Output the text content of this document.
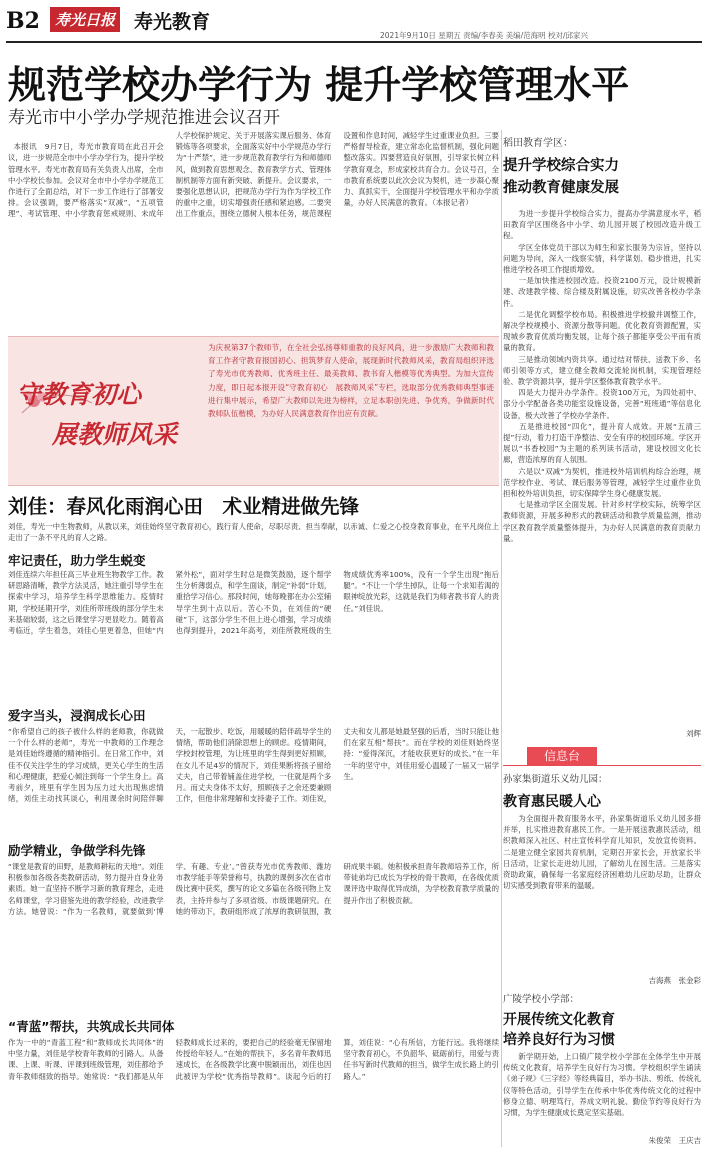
B2	寿光日报 寿光教育
2021年9月10日 星期五 责编/李春美 美编/范海明 校对/邱家兴
规范学校办学行为 提升学校管理水平
寿光市中小学办学规范推进会议召开

本报讯　9月7日，寿光市教育局在此召开会议，进一步规范全市中小学办学行为，提升学校管理水平。寿光市教育局有关负责人出席，全市中小学校长参加。会议对全市中小学办学规范工作进行了全面总结，对下一步工作进行了部署安排。会议强调，要严格落实“双减”、“五项管理”、考试管理、中小学教育惩戒规则、未成年人学校保护规定、关于开展落实课后服务、体育锻炼等各项要求，全面落实好中小学规范办学行为“十严禁”，进一步规范教育教学行为和师德师风，做到教育思想观念、教育教学方式、管理体制机制等方面有新突破、新提升。会议要求，一要强化思想认识，把规范办学行为作为学校工作的重中之重，切实增强责任感和紧迫感。二要突出工作重点，围绕立德树人根本任务，规范课程设置和作息时间，减轻学生过重课业负担。三要严格督导检查，建立常态化监督机制，强化问题整改落实。四要营造良好氛围，引导家长树立科学教育观念，形成家校共育合力。会议号召，全市教育系统要以此次会议为契机，进一步凝心聚力、真抓实干，全面提升学校管理水平和办学质量，办好人民满意的教育。（本报记者）

稻田教育学区：
提升学校综合实力
推动教育健康发展
　　为进一步提升学校综合实力，提高办学满意度水平，稻田教育学区围绕各中小学、幼儿园开展了校园改造升级工程。
　　学区全体党员干部以为师生和家长服务为宗旨，坚持以问题为导向，深入一线察实情，科学谋划、稳步推进，扎实推进学校各项工作提质增效。
　　一是加快推进校园改造。投资2100万元，设计规模新建、改建教学楼、综合楼及附属设施，切实改善各校办学条件。
　　二是优化调整学校布局。积极推进学校撤并调整工作，解决学校规模小、资源分散等问题。优化教育资源配置，实现城乡教育优质均衡发展，让每个孩子都能享受公平而有质量的教育。
　　三是推动领域内资共享。通过结对帮扶、送教下乡、名师引领等方式，建立健全教师交流轮岗机制，实现管理经验、教学资源共享，提升学区整体教育教学水平。
　　四是大力提升办学条件。投资100万元，为四处初中、部分小学配备各类功能室设施设备，完善“班班通”等信息化设备，极大改善了学校办学条件。
　　五是推进校园“四化”，提升育人成效。开展“五清三提”行动，着力打造干净整洁、安全有序的校园环境。学区开展以“书香校园”为主题的系列读书活动，建设校园文化长廊，营造浓厚的育人氛围。
　　六是以“双减”为契机，推进校外培训机构综合治理，规范学校作业、考试、课后服务等管理，减轻学生过重作业负担和校外培训负担，切实保障学生身心健康发展。
　　七是推动学区全面发展。针对乡村学校实际，统筹学区教师资源，开展多种形式的教研活动和教学质量监测，推动学区教育教学质量整体提升，为办好人民满意的教育贡献力量。
刘辉
守教育初心
展教师风采
为庆祝第37个教师节，在全社会弘扬尊师重教的良好风尚，进一步激励广大教师和教育工作者守教育报国初心、担筑梦育人使命，展现新时代教师风采，教育局组织评选了寿光市优秀教师、优秀班主任、最美教师、教书育人楷模等优秀典型。为加大宣传力度，即日起本报开设“守教育初心　展教师风采”专栏，选取部分优秀教师典型事迹进行集中展示，希望广大教师以先进为榜样，立足本职创先进、争优秀，争做新时代教师队伍楷模，为办好人民满意教育作出应有贡献。
刘佳：春风化雨润心田　术业精进做先锋
刘佳，寿光一中生物教师，从教以来，刘佳始终坚守教育初心，践行育人使命，尽职尽责、担当奉献，以赤诚、仁爱之心投身教育事业，在平凡岗位上走出了一条不平凡的育人之路。
牢记责任，助力学生蜕变
刘佳连续六年担任高三毕业班生物教学工作。教研思路清晰，教学方法灵活，她注重引导学生在探索中学习，培养学生科学思维能力。疫情时期，学校延期开学，刘佳所带班级的部分学生未来基础较弱，这之后课堂学习更显吃力。随着高考临近，学生着急，刘佳心里更着急，但她“内紧外松”，面对学生时总是微笑鼓励，逐个帮学生分析薄弱点，和学生面谈，制定“补弱”计划，重拾学习信心。那段时间，她每晚都在办公室辅导学生到十点以后。苦心不负，在刘佳的“硬碰”下，这部分学生不但上进心增强，学习成绩也得到提升，2021年高考，刘佳所教班级的生物成绩优秀率100%，没有一个学生出现“拖后腿”。“不让一个学生掉队，让每一个求知若渴的眼神绽放光彩，这就是我们为师者教书育人的责任。”刘佳说。
爱字当头，浸润成长心田
“你希望自己的孩子被什么样的老师教，你就做一个什么样的老师”，寿光一中教师的工作理念是刘佳始终遵循的精神指引。在日常工作中，刘佳不仅关注学生的学习成绩，更关心学生的生活和心理健康，把爱心倾注到每一个学生身上。高考前夕，班里有学生因为压力过大出现焦虑情绪，刘佳主动找其谈心，利用课余时间陪伴聊天，一起散步、吃饭，用暖暖的陪伴疏导学生的情绪，帮助他们消除思想上的顾虑。疫情期间，学校封校管理，为让班里的学生得到更好照顾，在女儿不足4岁的情况下，刘佳果断将孩子留给丈夫，自己带着铺盖住进学校，一住就是两个多月。而丈夫身体不太好，照顾孩子之余还要兼顾工作，但他非常理解和支持妻子工作。刘佳说，丈夫和女儿都是她最坚强的后盾，当时只能让他们在家互相“帮扶”。而在学校的刘佳则始终坚持：“爱得深沉，才能收获更好的成长。”在一年一年的坚守中，刘佳用爱心温暖了一届又一届学生。
励学精业，争做学科先锋
“课堂是教育的田野，是教师耕耘的天地”。刘佳积极参加各级各类教研活动，努力提升自身业务素质。她一直坚持不断学习新的教育理念，走进名师课堂，学习借鉴先进的教学经验，改进教学方法。她曾说：“作为一名教师，就要做到‘博学、有趣、专业’。”曾获寿光市优秀教师、潍坊市教学能手等荣誉称号，执教的课例多次在省市级比赛中获奖，撰写的论文多篇在各级刊物上发表，主持并参与了多项省级、市级课题研究。在她的带动下，教研组形成了浓厚的教研氛围，教研成果丰硕。她积极承担青年教师培养工作，所带徒弟均已成长为学校的骨干教师，在各级优质课评选中取得优异成绩，为学校教育教学质量的提升作出了积极贡献。
“青蓝”帮扶，共筑成长共同体
作为一中的“青蓝工程”和“教师成长共同体”的中坚力量，刘佳是学校青年教师的引路人。从备课、上课、听课、评课到班级管理，刘佳都给予青年教师细致的指导。她常说：“我们都是从年轻教师成长过来的，要把自己的经验毫无保留地传授给年轻人。”在她的帮扶下，多名青年教师迅速成长，在各级教学比赛中脱颖而出，刘佳也因此被评为学校“优秀指导教师”。谈起今后的打算，刘佳说：“心有所信，方能行远。我将继续坚守教育初心，不负韶华、砥砺前行，用爱与责任书写新时代教师的担当，做学生成长路上的引路人。”
信息台
孙家集街道乐义幼儿园：
教育惠民暖人心
　　为全面提升教育服务水平，孙家集街道乐义幼儿园多措并举，扎实推进教育惠民工作。一是开展送教惠民活动，组织教师深入社区、村庄宣传科学育儿知识，发放宣传资料。二是建立健全家园共育机制，定期召开家长会，开放家长半日活动，让家长走进幼儿园，了解幼儿在园生活。三是落实资助政策，确保每一名家庭经济困难幼儿应助尽助，让群众切实感受到教育带来的温暖。
吉海燕　张金彩
广陵学校小学部：
开展传统文化教育
培养良好行为习惯
　　新学期开始，上口镇广陵学校小学部在全体学生中开展传统文化教育，培养学生良好行为习惯。学校组织学生诵读《弟子规》《三字经》等经典篇目，举办书法、剪纸、传统礼仪等特色活动，引导学生在传承中华优秀传统文化的过程中修身立德、明理笃行，养成文明礼貌、勤俭节约等良好行为习惯，为学生健康成长奠定坚实基础。
朱俊荣　王庆吉
